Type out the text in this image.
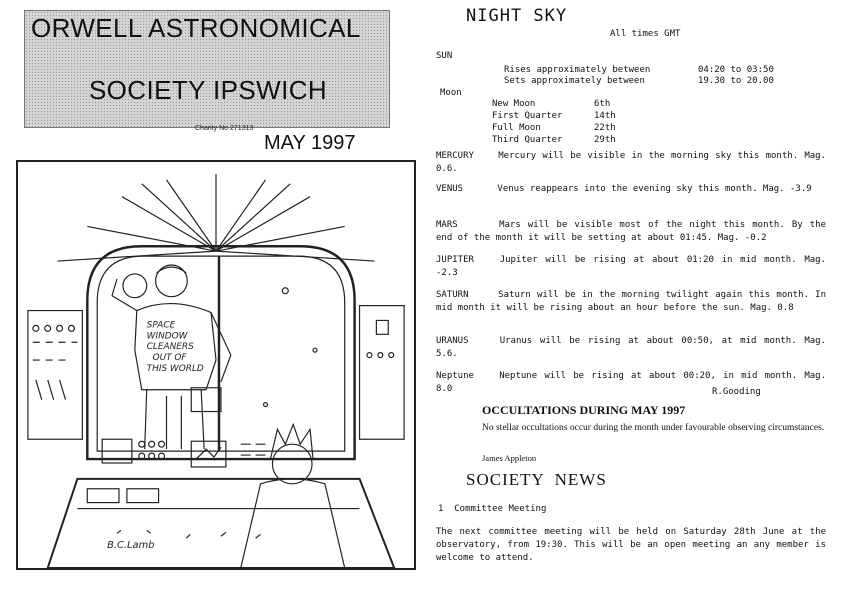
ORWELL ASTRONOMICAL
SOCIETY IPSWICH
Charity No 271313
MAY 1997
SPACE
WINDOW
CLEANERS
OUT OF
THIS WORLD
B.C.Lamb
NIGHT SKY
All times GMT
SUN
Rises approximately between	04:20 to 03:50
Sets approximately between	19.30 to 20.00
Moon
New Moon	6th
First Quarter	14th
Full Moon	22th
Third Quarter	29th
MERCURY	Mercury will be visible in the morning sky this month. Mag. 0.6.
VENUS	Venus reappears into the evening sky this month. Mag. -3.9
MARS	Mars will be visible most of the night this month. By the end of the month it will be setting at about 01:45. Mag. -0.2
JUPITER	Jupiter will be rising at about 01:20 in mid month. Mag. -2.3
SATURN	Saturn will be in the morning twilight again this month. In mid month it will be rising about an hour before the sun. Mag. 0.8
URANUS	Uranus will be rising at about 00:50, at mid month. Mag. 5.6.
Neptune	Neptune will be rising at about 00:20, in mid month. Mag. 8.0	R.Gooding
OCCULTATIONS DURING MAY 1997
No stellar occultations occur during the month under favourable observing circumstances.
James Appleton
SOCIETY  NEWS
1  Committee Meeting
The next committee meeting will be held on Saturday 28th June at the observatory, from 19:30. This will be an open meeting an any member is welcome to attend.
